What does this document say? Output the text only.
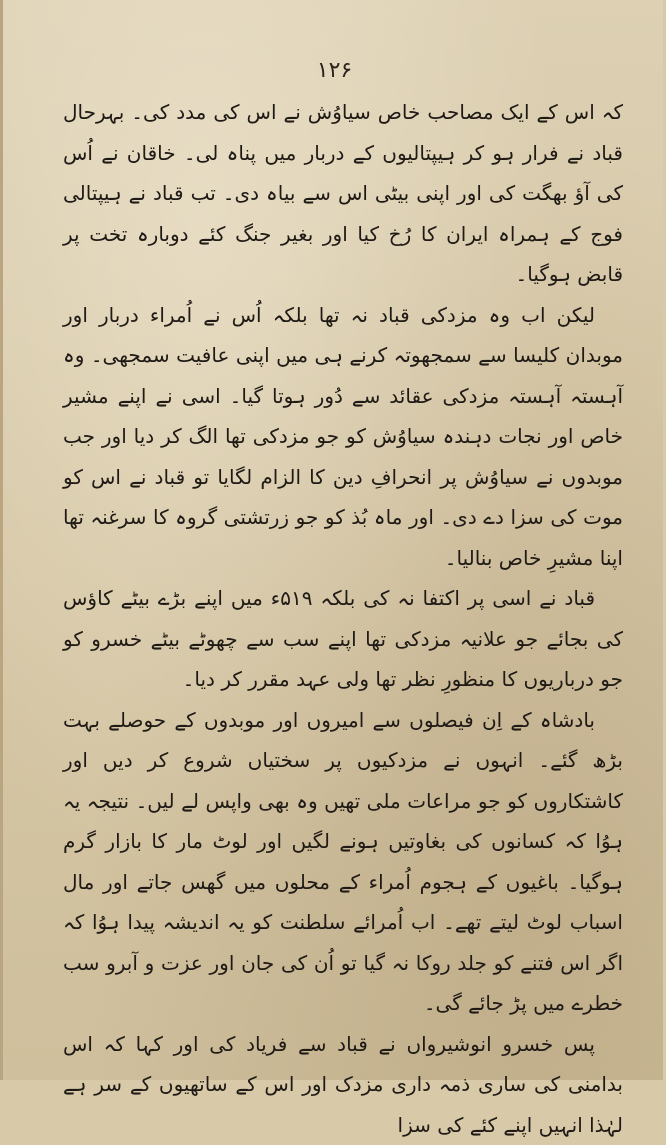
۱۲۶

کہ اس کے ایک مصاحب خاص سیاوُش نے اس کی مدد کی۔ بہرحال قباد نے فرار ہو کر ہیپتالیوں کے دربار میں پناہ لی۔ خاقان نے اُس کی آؤ بھگت کی اور اپنی بیٹی اس سے بیاہ دی۔ تب قباد نے ہیپتالی فوج کے ہمراہ ایران کا رُخ کیا اور بغیر جنگ کئے دوبارہ تخت پر قابض ہوگیا۔

لیکن اب وہ مزدکی قباد نہ تھا بلکہ اُس نے اُمراء دربار اور موبدان کلیسا سے سمجھوتہ کرنے ہی میں اپنی عافیت سمجھی۔ وہ آہستہ آہستہ مزدکی عقائد سے دُور ہوتا گیا۔ اسی نے اپنے مشیر خاص اور نجات دہندہ سیاوُش کو جو مزدکی تھا الگ کر دیا اور جب موبدوں نے سیاوُش پر انحرافِ دین کا الزام لگایا تو قباد نے اس کو موت کی سزا دے دی۔ اور ماہ بُذ کو جو زرتشتی گروہ کا سرغنہ تھا اپنا مشیرِ خاص بنالیا۔

قباد نے اسی پر اکتفا نہ کی بلکہ ۵۱۹ء میں اپنے بڑے بیٹے کاؤس کی بجائے جو علانیہ مزدکی تھا اپنے سب سے چھوٹے بیٹے خسرو کو جو درباریوں کا منظورِ نظر تھا ولی عہد مقرر کر دیا۔

بادشاہ کے اِن فیصلوں سے امیروں اور موبدوں کے حوصلے بہت بڑھ گئے۔ انہوں نے مزدکیوں پر سختیاں شروع کر دیں اور کاشتکاروں کو جو مراعات ملی تھیں وہ بھی واپس لے لیں۔ نتیجہ یہ ہوُا کہ کسانوں کی بغاوتیں ہونے لگیں اور لوٹ مار کا بازار گرم ہوگیا۔ باغیوں کے ہجوم اُمراء کے محلوں میں گھس جاتے اور مال اسباب لوٹ لیتے تھے۔ اب اُمرائے سلطنت کو یہ اندیشہ پیدا ہوُا کہ اگر اس فتنے کو جلد روکا نہ گیا تو اُن کی جان اور عزت و آبرو سب خطرے میں پڑ جائے گی۔

پس خسرو انوشیرواں نے قباد سے فریاد کی اور کہا کہ اس بدامنی کی ساری ذمہ داری مزدک اور اس کے ساتھیوں کے سر ہے لہٰذا انہیں اپنے کئے کی سزا
